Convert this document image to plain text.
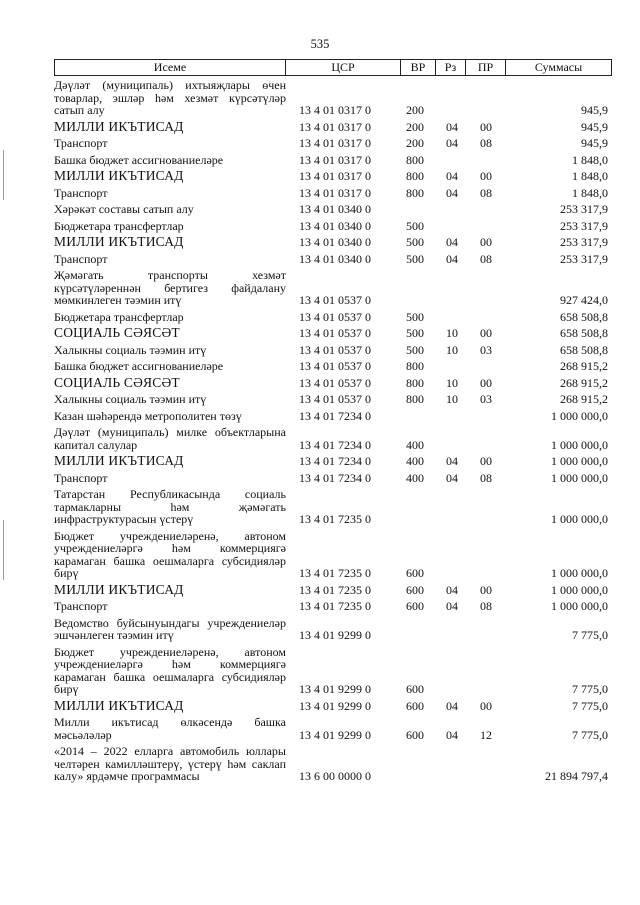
535
Исеме	ЦСР	ВР	Рз	ПР	Суммасы
Дәүләт (муниципаль) ихтыяҗлары өчен товарлар, эшләр һәм хезмәт күрсәтүләр сатып алу	13 4 01 0317 0	200	945,9
МИЛЛИ ИКЪТИСАД	13 4 01 0317 0	200 04 00	945,9
Транспорт	13 4 01 0317 0	200 04 08	945,9
Башка бюджет ассигнованиеләре	13 4 01 0317 0	800	1 848,0
МИЛЛИ ИКЪТИСАД	13 4 01 0317 0	800 04 00	1 848,0
Транспорт	13 4 01 0317 0	800 04 08	1 848,0
Хәрәкәт составы сатып алу	13 4 01 0340 0	253 317,9
Бюджетара трансфертлар	13 4 01 0340 0	500	253 317,9
МИЛЛИ ИКЪТИСАД	13 4 01 0340 0	500 04 00	253 317,9
Транспорт	13 4 01 0340 0	500 04 08	253 317,9
Җәмәгать транспорты хезмәт күрсәтүләреннән бертигез файдалану мөмкинлеген тәэмин итү	13 4 01 0537 0	927 424,0
Бюджетара трансфертлар	13 4 01 0537 0	500	658 508,8
СОЦИАЛЬ СӘЯСӘТ	13 4 01 0537 0	500 10 00	658 508,8
Халыкны социаль тәэмин итү	13 4 01 0537 0	500 10 03	658 508,8
Башка бюджет ассигнованиеләре	13 4 01 0537 0	800	268 915,2
СОЦИАЛЬ СӘЯСӘТ	13 4 01 0537 0	800 10 00	268 915,2
Халыкны социаль тәэмин итү	13 4 01 0537 0	800 10 03	268 915,2
Казан шәһәрендә метрополитен төзү	13 4 01 7234 0	1 000 000,0
Дәүләт (муниципаль) милке объектларына капитал салулар	13 4 01 7234 0	400	1 000 000,0
МИЛЛИ ИКЪТИСАД	13 4 01 7234 0	400 04 00	1 000 000,0
Транспорт	13 4 01 7234 0	400 04 08	1 000 000,0
Татарстан Республикасында социаль тармакларны һәм җәмәгать инфраструктурасын үстерү	13 4 01 7235 0	1 000 000,0
Бюджет учреждениеләренә, автоном учреждениеләргә һәм коммерциягә карамаган башка оешмаларга субсидияләр бирү	13 4 01 7235 0	600	1 000 000,0
МИЛЛИ ИКЪТИСАД	13 4 01 7235 0	600 04 00	1 000 000,0
Транспорт	13 4 01 7235 0	600 04 08	1 000 000,0
Ведомство буйсынуындагы учреждениеләр эшчәнлеген тәэмин итү	13 4 01 9299 0	7 775,0
Бюджет учреждениеләренә, автоном учреждениеләргә һәм коммерциягә карамаган башка оешмаларга субсидияләр бирү	13 4 01 9299 0	600	7 775,0
МИЛЛИ ИКЪТИСАД	13 4 01 9299 0	600 04 00	7 775,0
Милли икътисад өлкәсендә башка мәсьәләләр	13 4 01 9299 0	600 04 12	7 775,0
«2014 – 2022 елларга автомобиль юллары челтәрен камилләштерү, үстерү һәм саклап калу» ярдәмче программасы	13 6 00 0000 0	21 894 797,4
